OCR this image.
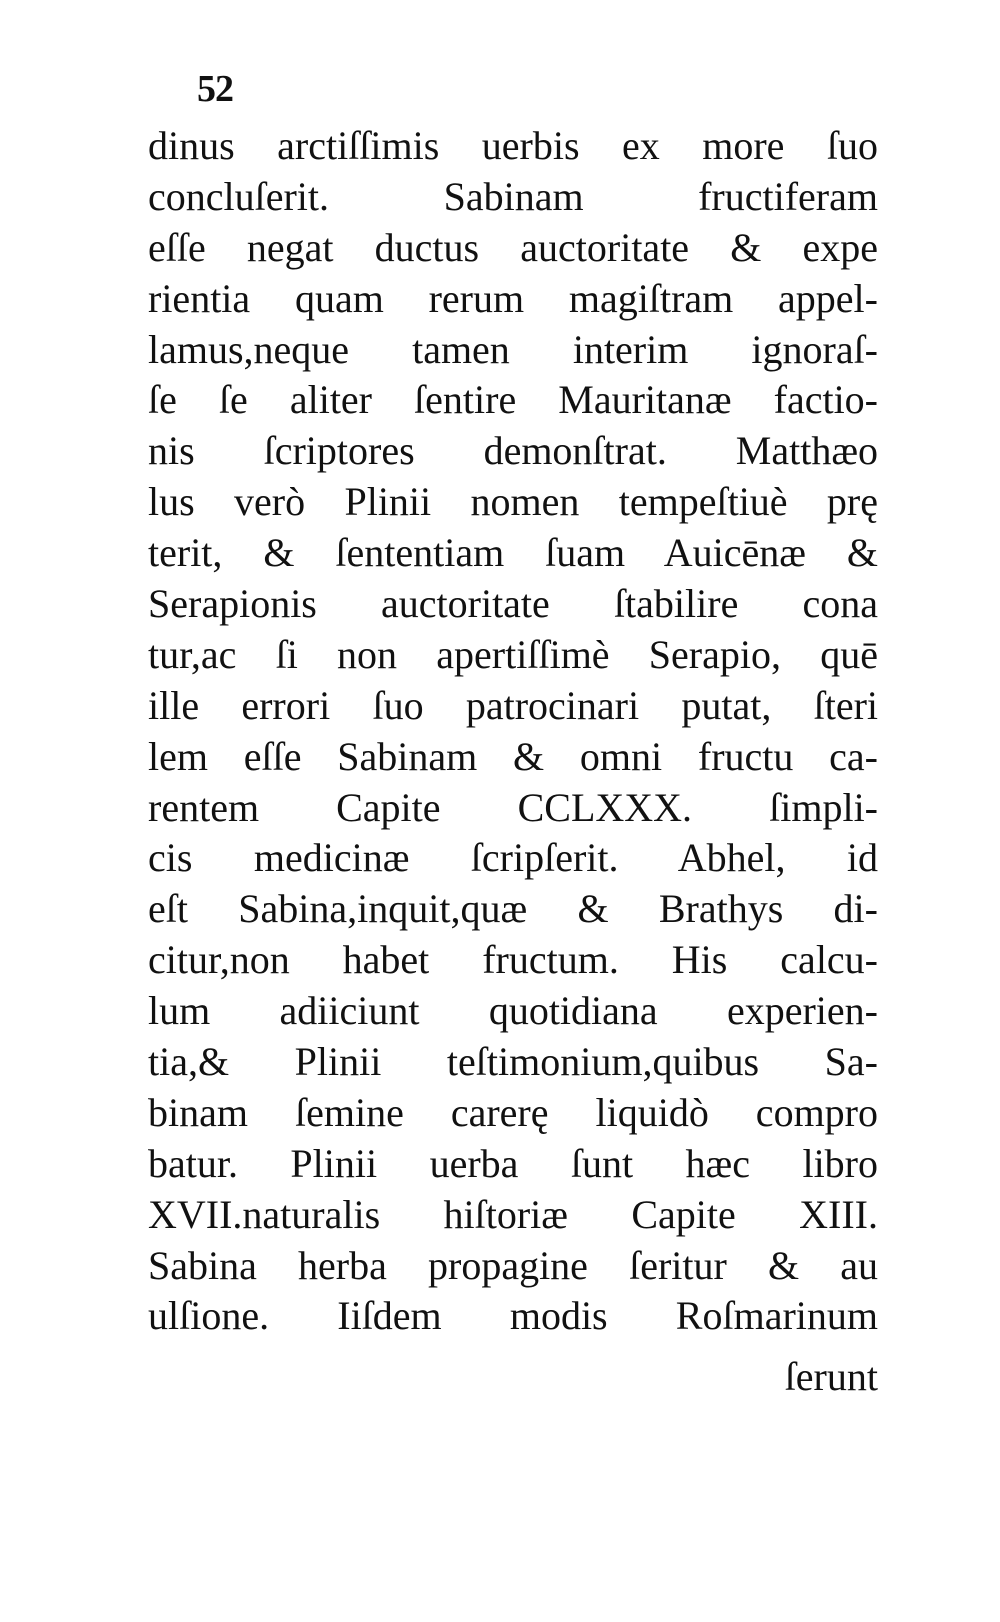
52
dinus arctiſſimis uerbis ex more ſuo
concluſerit. Sabinam fructiferam
eſſe negat ductus auctoritate & expe
rientia quam rerum magiſtram appel-
lamus,neque tamen interim ignoraſ-
ſe ſe aliter ſentire Mauritanæ factio-
nis ſcriptores demonſtrat. Matthæo
lus verò Plinii nomen tempeſtiuè prę
terit, & ſententiam ſuam Auicēnæ &
Serapionis auctoritate ſtabilire cona
tur,ac ſi non apertiſſimè Serapio, quē
ille errori ſuo patrocinari putat, ſteri
lem eſſe Sabinam & omni fructu ca-
rentem Capite CCLXXX. ſimpli-
cis medicinæ ſcripſerit. Abhel, id
eſt Sabina,inquit,quæ & Brathys di-
citur,non habet fructum. His calcu-
lum adiiciunt quotidiana experien-
tia,& Plinii teſtimonium,quibus Sa-
binam ſemine carerę liquidò compro
batur. Plinii uerba ſunt hæc libro
XVII.naturalis hiſtoriæ Capite XIII.
Sabina herba propagine ſeritur & au
ulſione. Iiſdem modis Roſmarinum
ſerunt
